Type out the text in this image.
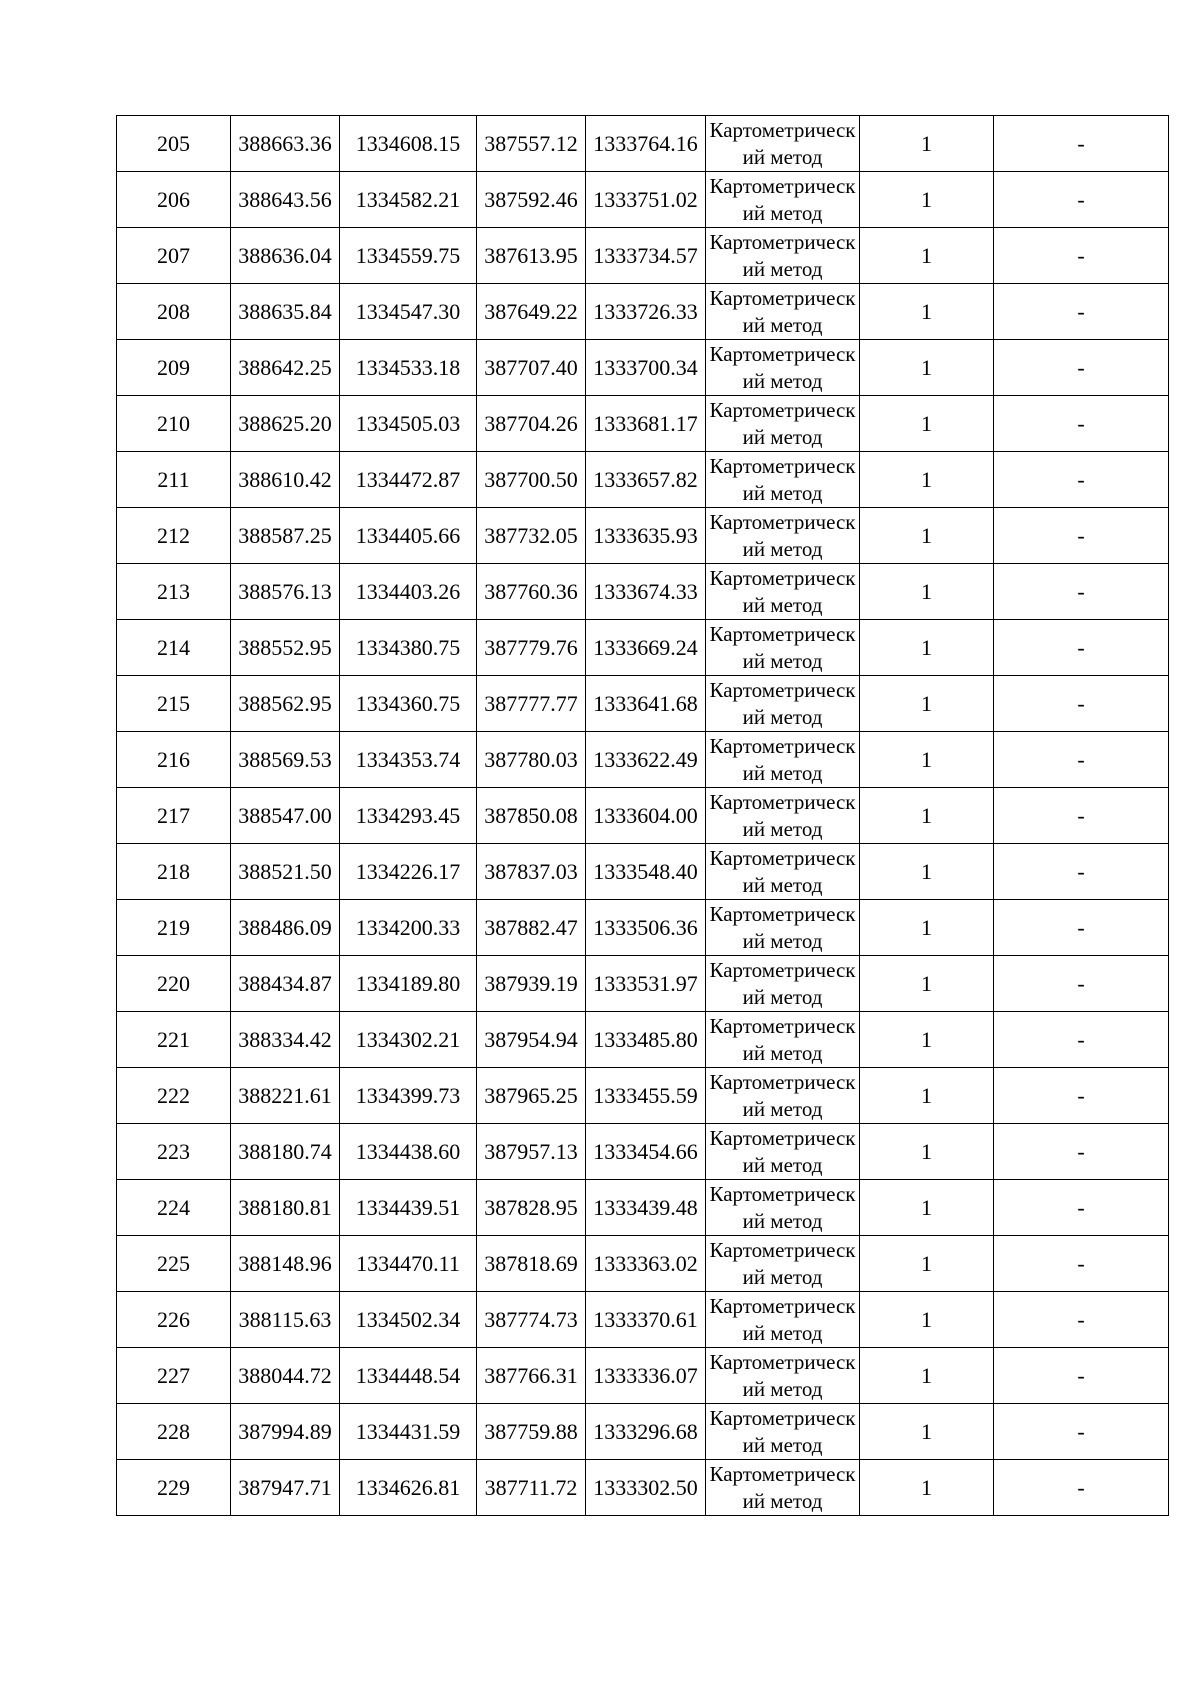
205	388663.36	1334608.15	387557.12	1333764.16	Картометрический метод	1	-
206	388643.56	1334582.21	387592.46	1333751.02	Картометрический метод	1	-
207	388636.04	1334559.75	387613.95	1333734.57	Картометрический метод	1	-
208	388635.84	1334547.30	387649.22	1333726.33	Картометрический метод	1	-
209	388642.25	1334533.18	387707.40	1333700.34	Картометрический метод	1	-
210	388625.20	1334505.03	387704.26	1333681.17	Картометрический метод	1	-
211	388610.42	1334472.87	387700.50	1333657.82	Картометрический метод	1	-
212	388587.25	1334405.66	387732.05	1333635.93	Картометрический метод	1	-
213	388576.13	1334403.26	387760.36	1333674.33	Картометрический метод	1	-
214	388552.95	1334380.75	387779.76	1333669.24	Картометрический метод	1	-
215	388562.95	1334360.75	387777.77	1333641.68	Картометрический метод	1	-
216	388569.53	1334353.74	387780.03	1333622.49	Картометрический метод	1	-
217	388547.00	1334293.45	387850.08	1333604.00	Картометрический метод	1	-
218	388521.50	1334226.17	387837.03	1333548.40	Картометрический метод	1	-
219	388486.09	1334200.33	387882.47	1333506.36	Картометрический метод	1	-
220	388434.87	1334189.80	387939.19	1333531.97	Картометрический метод	1	-
221	388334.42	1334302.21	387954.94	1333485.80	Картометрический метод	1	-
222	388221.61	1334399.73	387965.25	1333455.59	Картометрический метод	1	-
223	388180.74	1334438.60	387957.13	1333454.66	Картометрический метод	1	-
224	388180.81	1334439.51	387828.95	1333439.48	Картометрический метод	1	-
225	388148.96	1334470.11	387818.69	1333363.02	Картометрический метод	1	-
226	388115.63	1334502.34	387774.73	1333370.61	Картометрический метод	1	-
227	388044.72	1334448.54	387766.31	1333336.07	Картометрический метод	1	-
228	387994.89	1334431.59	387759.88	1333296.68	Картометрический метод	1	-
229	387947.71	1334626.81	387711.72	1333302.50	Картометрический метод	1	-
